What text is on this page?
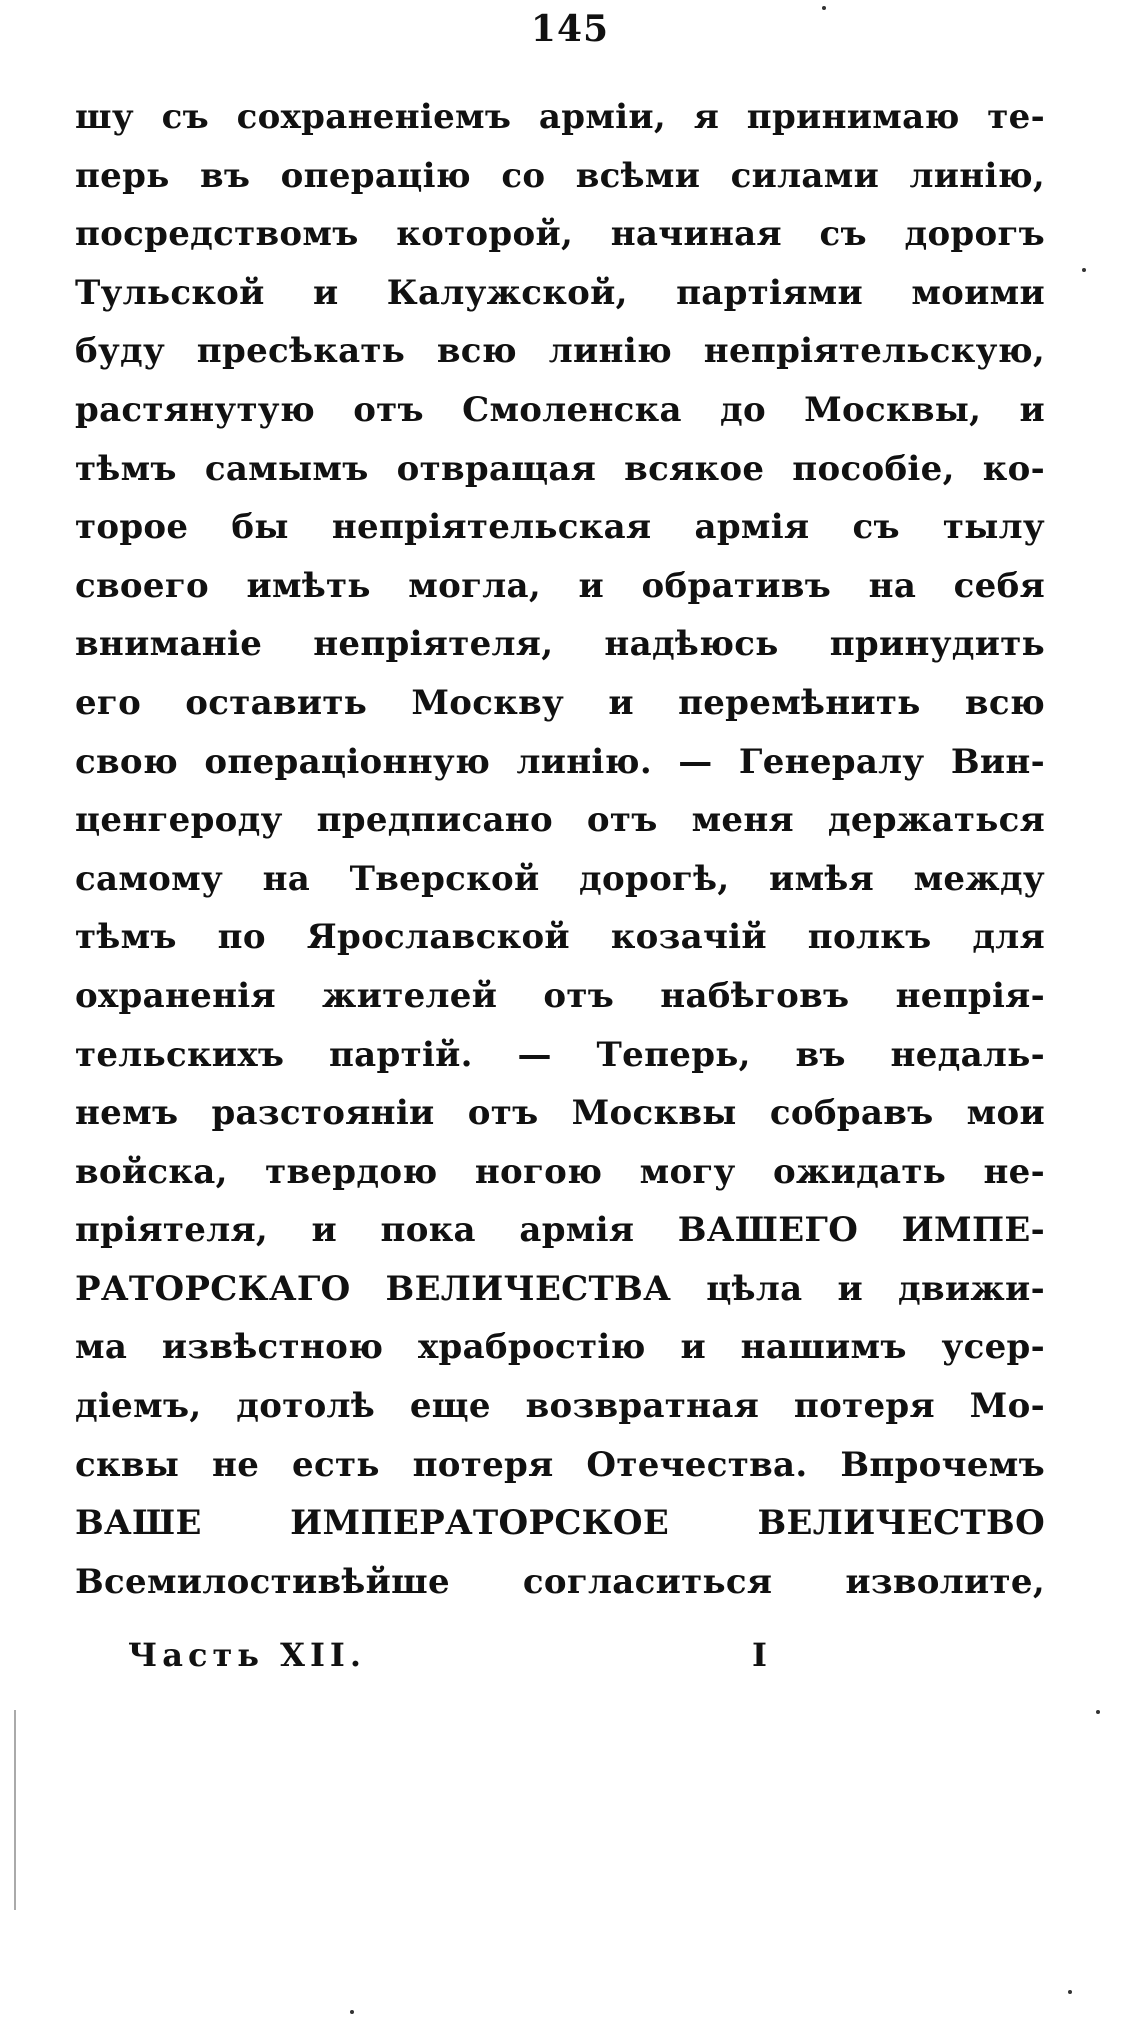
145
шу съ сохраненіемъ арміи, я принимаю те-
перь въ операцію со всѣми силами линію,
посредствомъ которой, начиная съ дорогъ
Тульской и Калужской, партіями моими
буду пресѣкать всю линію непріятельскую,
растянутую отъ Смоленска до Москвы, и
тѣмъ самымъ отвращая всякое пособіе, ко-
торое бы непріятельская армія съ тылу
своего имѣть могла, и обративъ на себя
вниманіе непріятеля, надѣюсь принудить
его оставить Москву и перемѣнить всю
свою операціонную линію. — Генералу Вин-
ценгероду предписано отъ меня держаться
самому на Тверской дорогѣ, имѣя между
тѣмъ по Ярославской козачій полкъ для
охраненія жителей отъ набѣговъ непрія-
тельскихъ партій. — Теперь, въ недаль-
немъ разстояніи отъ Москвы собравъ мои
войска, твердою ногою могу ожидать не-
пріятеля, и пока армія ВАШЕГО ИМПЕ-
РАТОРСКАГО ВЕЛИЧЕСТВА цѣла и движи-
ма извѣстною храбростію и нашимъ усер-
діемъ, дотолѣ еще возвратная потеря Мо-
сквы не есть потеря Отечества. Впрочемъ
ВАШЕ ИМПЕРАТОРСКОЕ ВЕЛИЧЕСТВО
Всемилостивѣйше согласиться изволите,
Часть XII.	I
